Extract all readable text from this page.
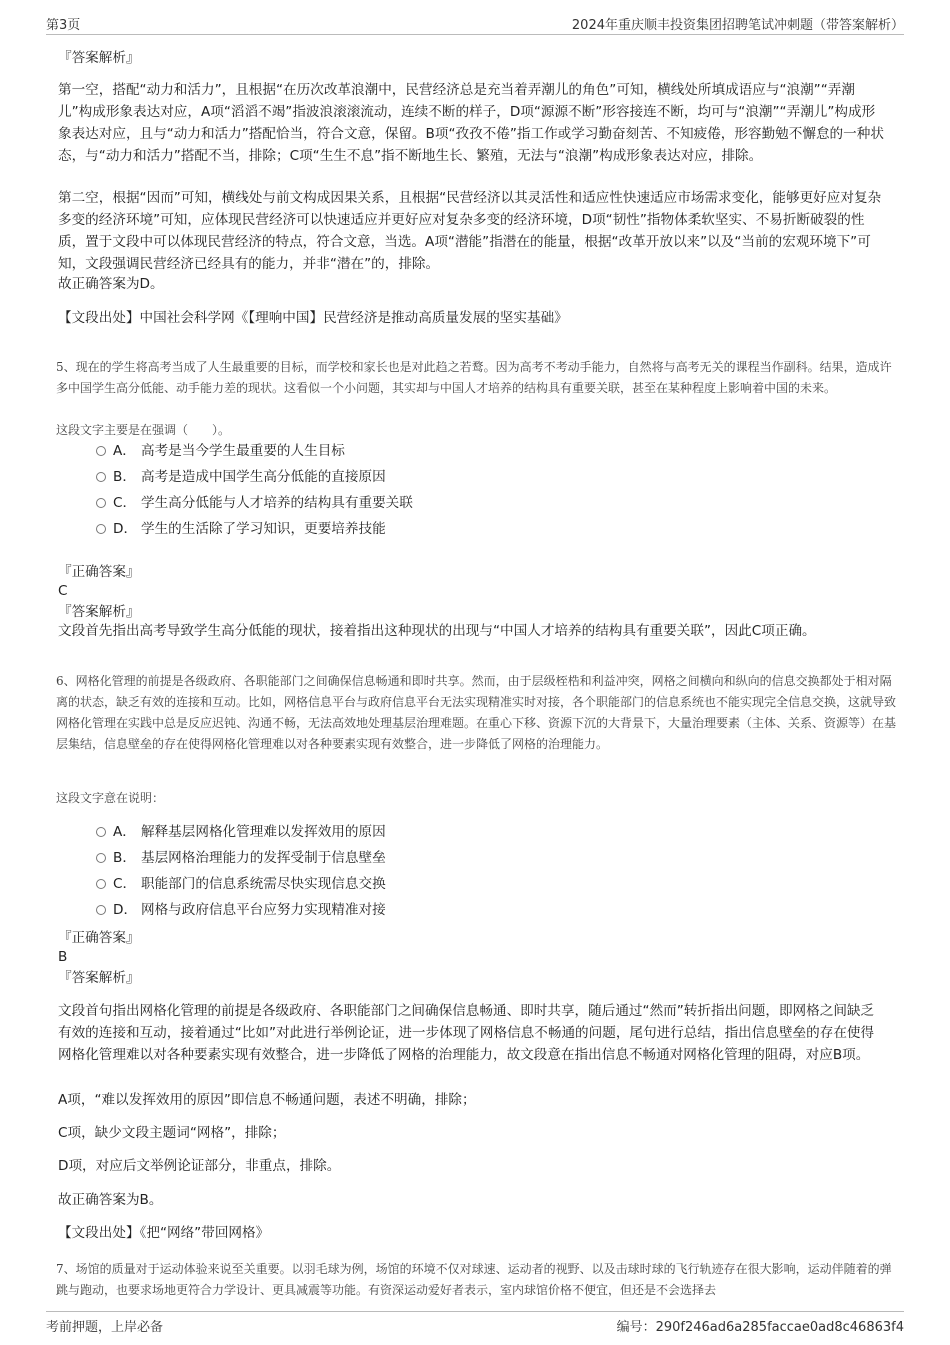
第3页	2024年重庆顺丰投资集团招聘笔试冲刺题（带答案解析）
『答案解析』
第一空，搭配“动力和活力”，且根据“在历次改革浪潮中，民营经济总是充当着弄潮儿的角色”可知，横线处所填成语应与“浪潮”“弄潮儿”构成形象表达对应，A项“滔滔不竭”指波浪滚滚流动，连续不断的样子，D项“源源不断”形容接连不断，均可与“浪潮”“弄潮儿”构成形象表达对应，且与“动力和活力”搭配恰当，符合文意，保留。B项“孜孜不倦”指工作或学习勤奋刻苦、不知疲倦，形容勤勉不懈怠的一种状态，与“动力和活力”搭配不当，排除；C项“生生不息”指不断地生长、繁殖，无法与“浪潮”构成形象表达对应，排除。
第二空，根据“因而”可知，横线处与前文构成因果关系，且根据“民营经济以其灵活性和适应性快速适应市场需求变化，能够更好应对复杂多变的经济环境”可知，应体现民营经济可以快速适应并更好应对复杂多变的经济环境，D项“韧性”指物体柔软坚实、不易折断破裂的性质，置于文段中可以体现民营经济的特点，符合文意，当选。A项“潜能”指潜在的能量，根据“改革开放以来”以及“当前的宏观环境下”可知，文段强调民营经济已经具有的能力，并非“潜在”的，排除。
故正确答案为D。
【文段出处】中国社会科学网《【理响中国】民营经济是推动高质量发展的坚实基础》
5、现在的学生将高考当成了人生最重要的目标，而学校和家长也是对此趋之若鹜。因为高考不考动手能力，自然将与高考无关的课程当作副科。结果，造成许多中国学生高分低能、动手能力差的现状。这看似一个小问题，其实却与中国人才培养的结构具有重要关联，甚至在某种程度上影响着中国的未来。
这段文字主要是在强调（　　）。
A． 高考是当今学生最重要的人生目标
B． 高考是造成中国学生高分低能的直接原因
C． 学生高分低能与人才培养的结构具有重要关联
D． 学生的生活除了学习知识，更要培养技能
『正确答案』
C
『答案解析』
文段首先指出高考导致学生高分低能的现状，接着指出这种现状的出现与“中国人才培养的结构具有重要关联”，因此C项正确。
6、网格化管理的前提是各级政府、各职能部门之间确保信息畅通和即时共享。然而，由于层级桎梏和利益冲突，网格之间横向和纵向的信息交换都处于相对隔离的状态，缺乏有效的连接和互动。比如，网格信息平台与政府信息平台无法实现精准实时对接，各个职能部门的信息系统也不能实现完全信息交换，这就导致网格化管理在实践中总是反应迟钝、沟通不畅，无法高效地处理基层治理难题。在重心下移、资源下沉的大背景下，大量治理要素（主体、关系、资源等）在基层集结，信息壁垒的存在使得网格化管理难以对各种要素实现有效整合，进一步降低了网格的治理能力。
这段文字意在说明：
A． 解释基层网格化管理难以发挥效用的原因
B． 基层网格治理能力的发挥受制于信息壁垒
C． 职能部门的信息系统需尽快实现信息交换
D． 网格与政府信息平台应努力实现精准对接
『正确答案』
B
『答案解析』
文段首句指出网格化管理的前提是各级政府、各职能部门之间确保信息畅通、即时共享，随后通过“然而”转折指出问题，即网格之间缺乏有效的连接和互动，接着通过“比如”对此进行举例论证，进一步体现了网格信息不畅通的问题，尾句进行总结，指出信息壁垒的存在使得网格化管理难以对各种要素实现有效整合，进一步降低了网格的治理能力，故文段意在指出信息不畅通对网格化管理的阻碍，对应B项。
A项，“难以发挥效用的原因”即信息不畅通问题，表述不明确，排除；
C项，缺少文段主题词“网格”，排除；
D项，对应后文举例论证部分，非重点，排除。
故正确答案为B。
【文段出处】《把“网络”带回网格》
7、场馆的质量对于运动体验来说至关重要。以羽毛球为例，场馆的环境不仅对球速、运动者的视野、以及击球时球的飞行轨迹存在很大影响，运动伴随着的弹跳与跑动，也要求场地更符合力学设计、更具减震等功能。有资深运动爱好者表示，室内球馆价格不便宜，但还是不会选择去
考前押题，上岸必备	编号：290f246ad6a285faccae0ad8c46863f4
